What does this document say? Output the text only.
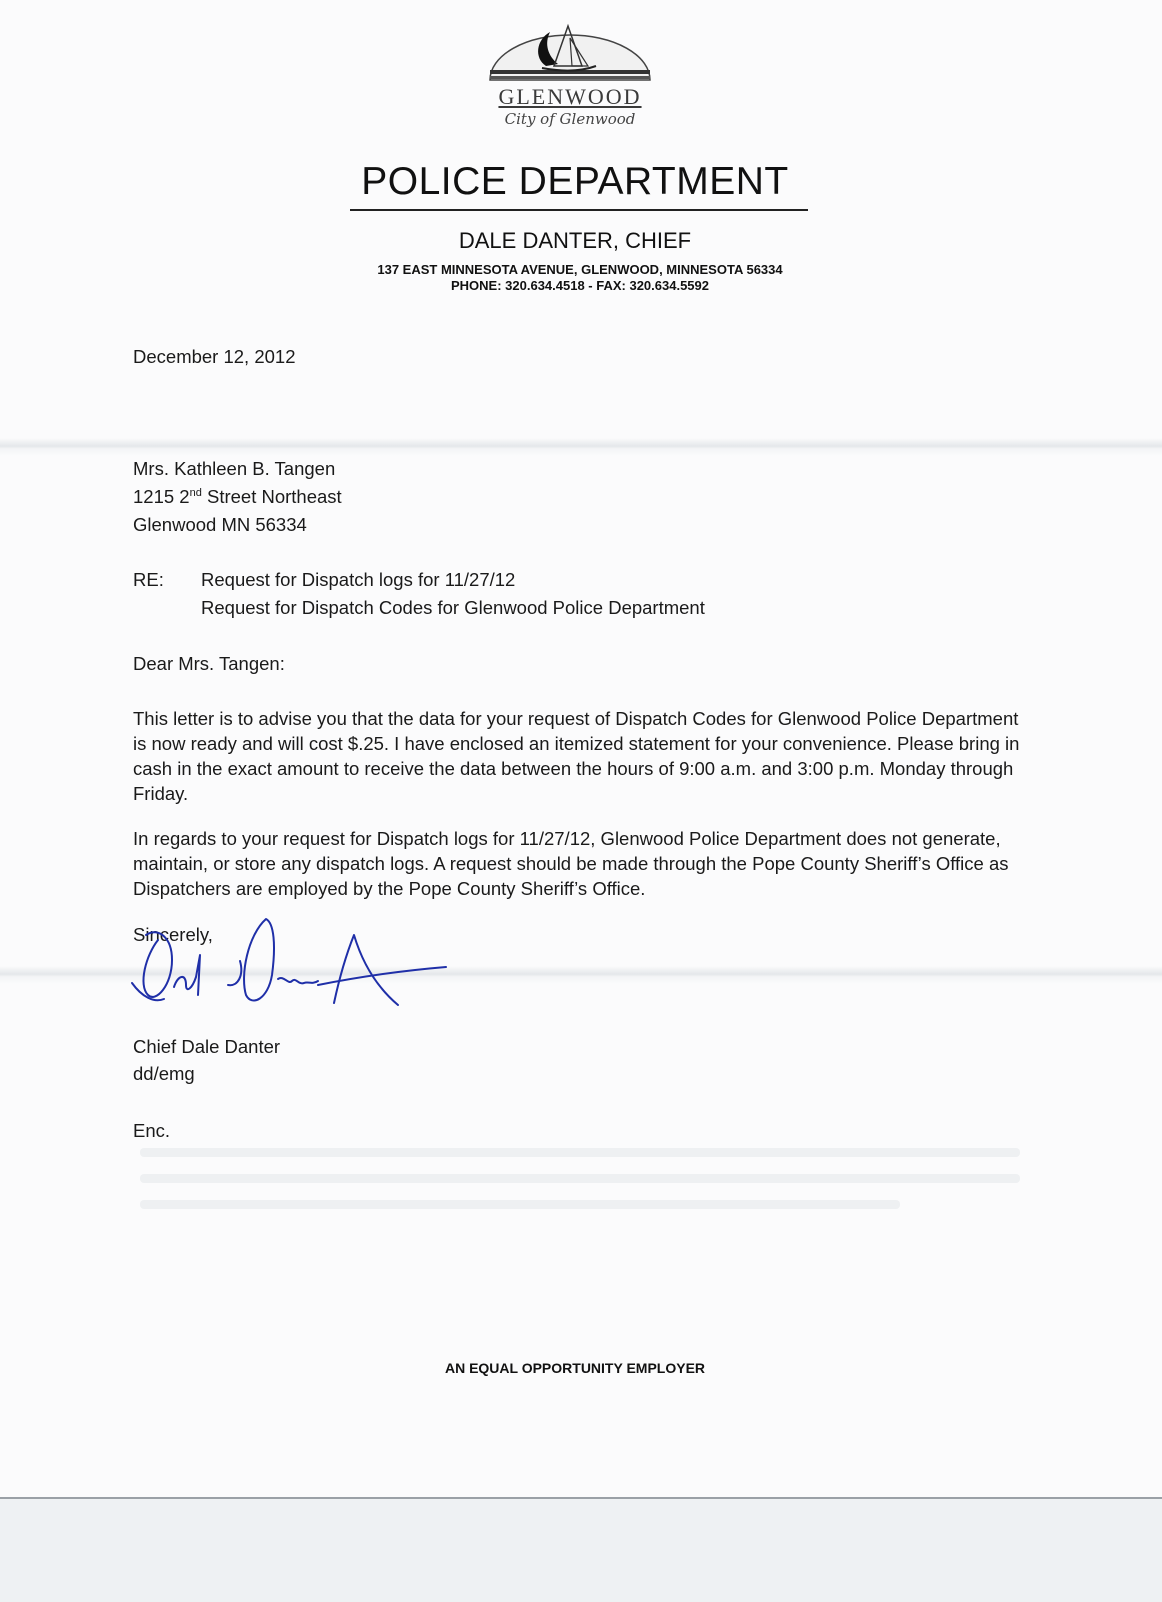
GLENWOOD
City of Glenwood
POLICE DEPARTMENT
DALE DANTER, CHIEF
137 EAST MINNESOTA AVENUE, GLENWOOD, MINNESOTA 56334
PHONE: 320.634.4518 - FAX: 320.634.5592
December 12, 2012
Mrs. Kathleen B. Tangen
1215 2nd Street Northeast
Glenwood MN 56334
RE: Request for Dispatch logs for 11/27/12
Request for Dispatch Codes for Glenwood Police Department
Dear Mrs. Tangen:
This letter is to advise you that the data for your request of Dispatch Codes for Glenwood Police Department is now ready and will cost $.25. I have enclosed an itemized statement for your convenience. Please bring in cash in the exact amount to receive the data between the hours of 9:00 a.m. and 3:00 p.m. Monday through Friday.
In regards to your request for Dispatch logs for 11/27/12, Glenwood Police Department does not generate, maintain, or store any dispatch logs. A request should be made through the Pope County Sheriff’s Office as Dispatchers are employed by the Pope County Sheriff’s Office.
Sincerely,
Chief Dale Danter
dd/emg
Enc.
AN EQUAL OPPORTUNITY EMPLOYER
